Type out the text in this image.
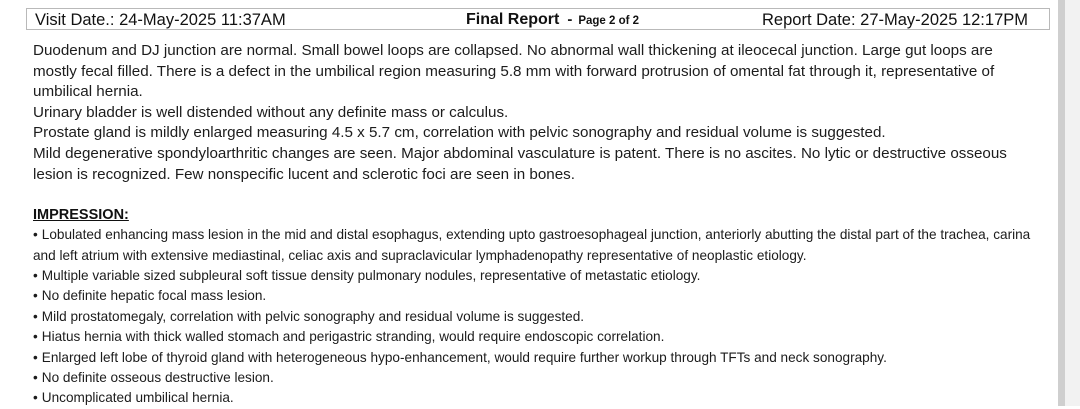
Visit Date.: 24-May-2025 11:37AM	Final Report - Page 2 of 2	Report Date: 27-May-2025 12:17PM

Duodenum and DJ junction are normal. Small bowel loops are collapsed. No abnormal wall thickening at ileocecal junction. Large gut loops are mostly fecal filled. There is a defect in the umbilical region measuring 5.8 mm with forward protrusion of omental fat through it, representative of umbilical hernia.

Urinary bladder is well distended without any definite mass or calculus.

Prostate gland is mildly enlarged measuring 4.5 x 5.7 cm, correlation with pelvic sonography and residual volume is suggested.

Mild degenerative spondyloarthritic changes are seen. Major abdominal vasculature is patent. There is no ascites. No lytic or destructive osseous lesion is recognized. Few nonspecific lucent and sclerotic foci are seen in bones.

IMPRESSION:

• Lobulated enhancing mass lesion in the mid and distal esophagus, extending upto gastroesophageal junction, anteriorly abutting the distal part of the trachea, carina and left atrium with extensive mediastinal, celiac axis and supraclavicular lymphadenopathy representative of neoplastic etiology.
• Multiple variable sized subpleural soft tissue density pulmonary nodules, representative of metastatic etiology.
• No definite hepatic focal mass lesion.
• Mild prostatomegaly, correlation with pelvic sonography and residual volume is suggested.
• Hiatus hernia with thick walled stomach and perigastric stranding, would require endoscopic correlation.
• Enlarged left lobe of thyroid gland with heterogeneous hypo-enhancement, would require further workup through TFTs and neck sonography.
• No definite osseous destructive lesion.
• Uncomplicated umbilical hernia.
